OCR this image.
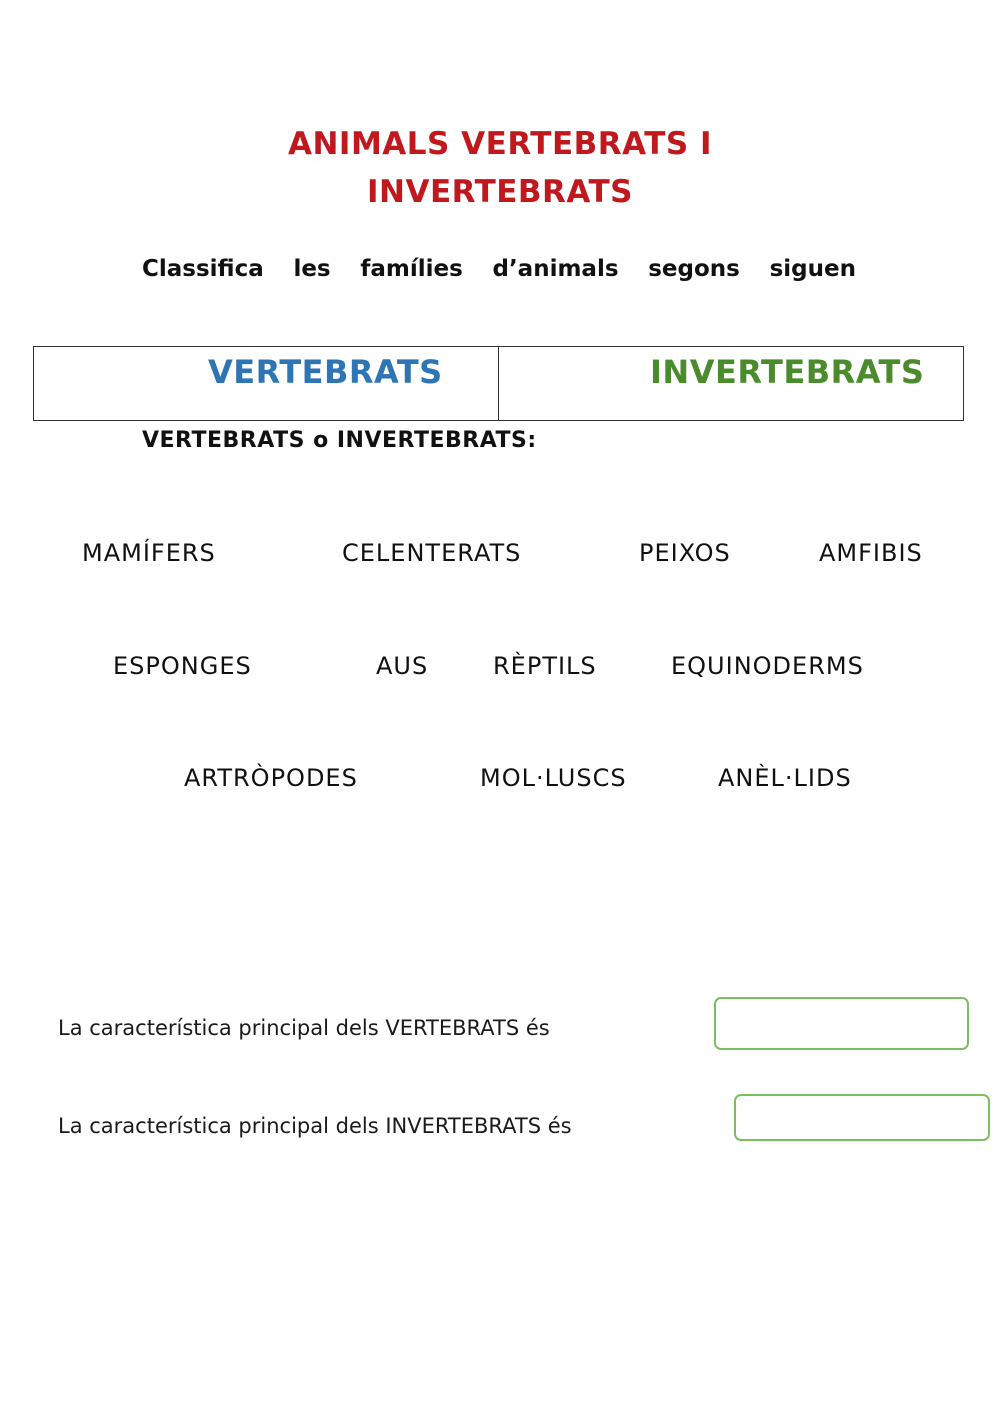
ANIMALS VERTEBRATS I
INVERTEBRATS
Classifica les famílies d’animals segons siguen
VERTEBRATS	INVERTEBRATS
VERTEBRATS o INVERTEBRATS:
MAMÍFERS	CELENTERATS	PEIXOS	AMFIBIS
ESPONGES	AUS	RÈPTILS	EQUINODERMS
ARTRÒPODES	MOL·LUSCS	ANÈL·LIDS
La característica principal dels VERTEBRATS és
La característica principal dels INVERTEBRATS és
